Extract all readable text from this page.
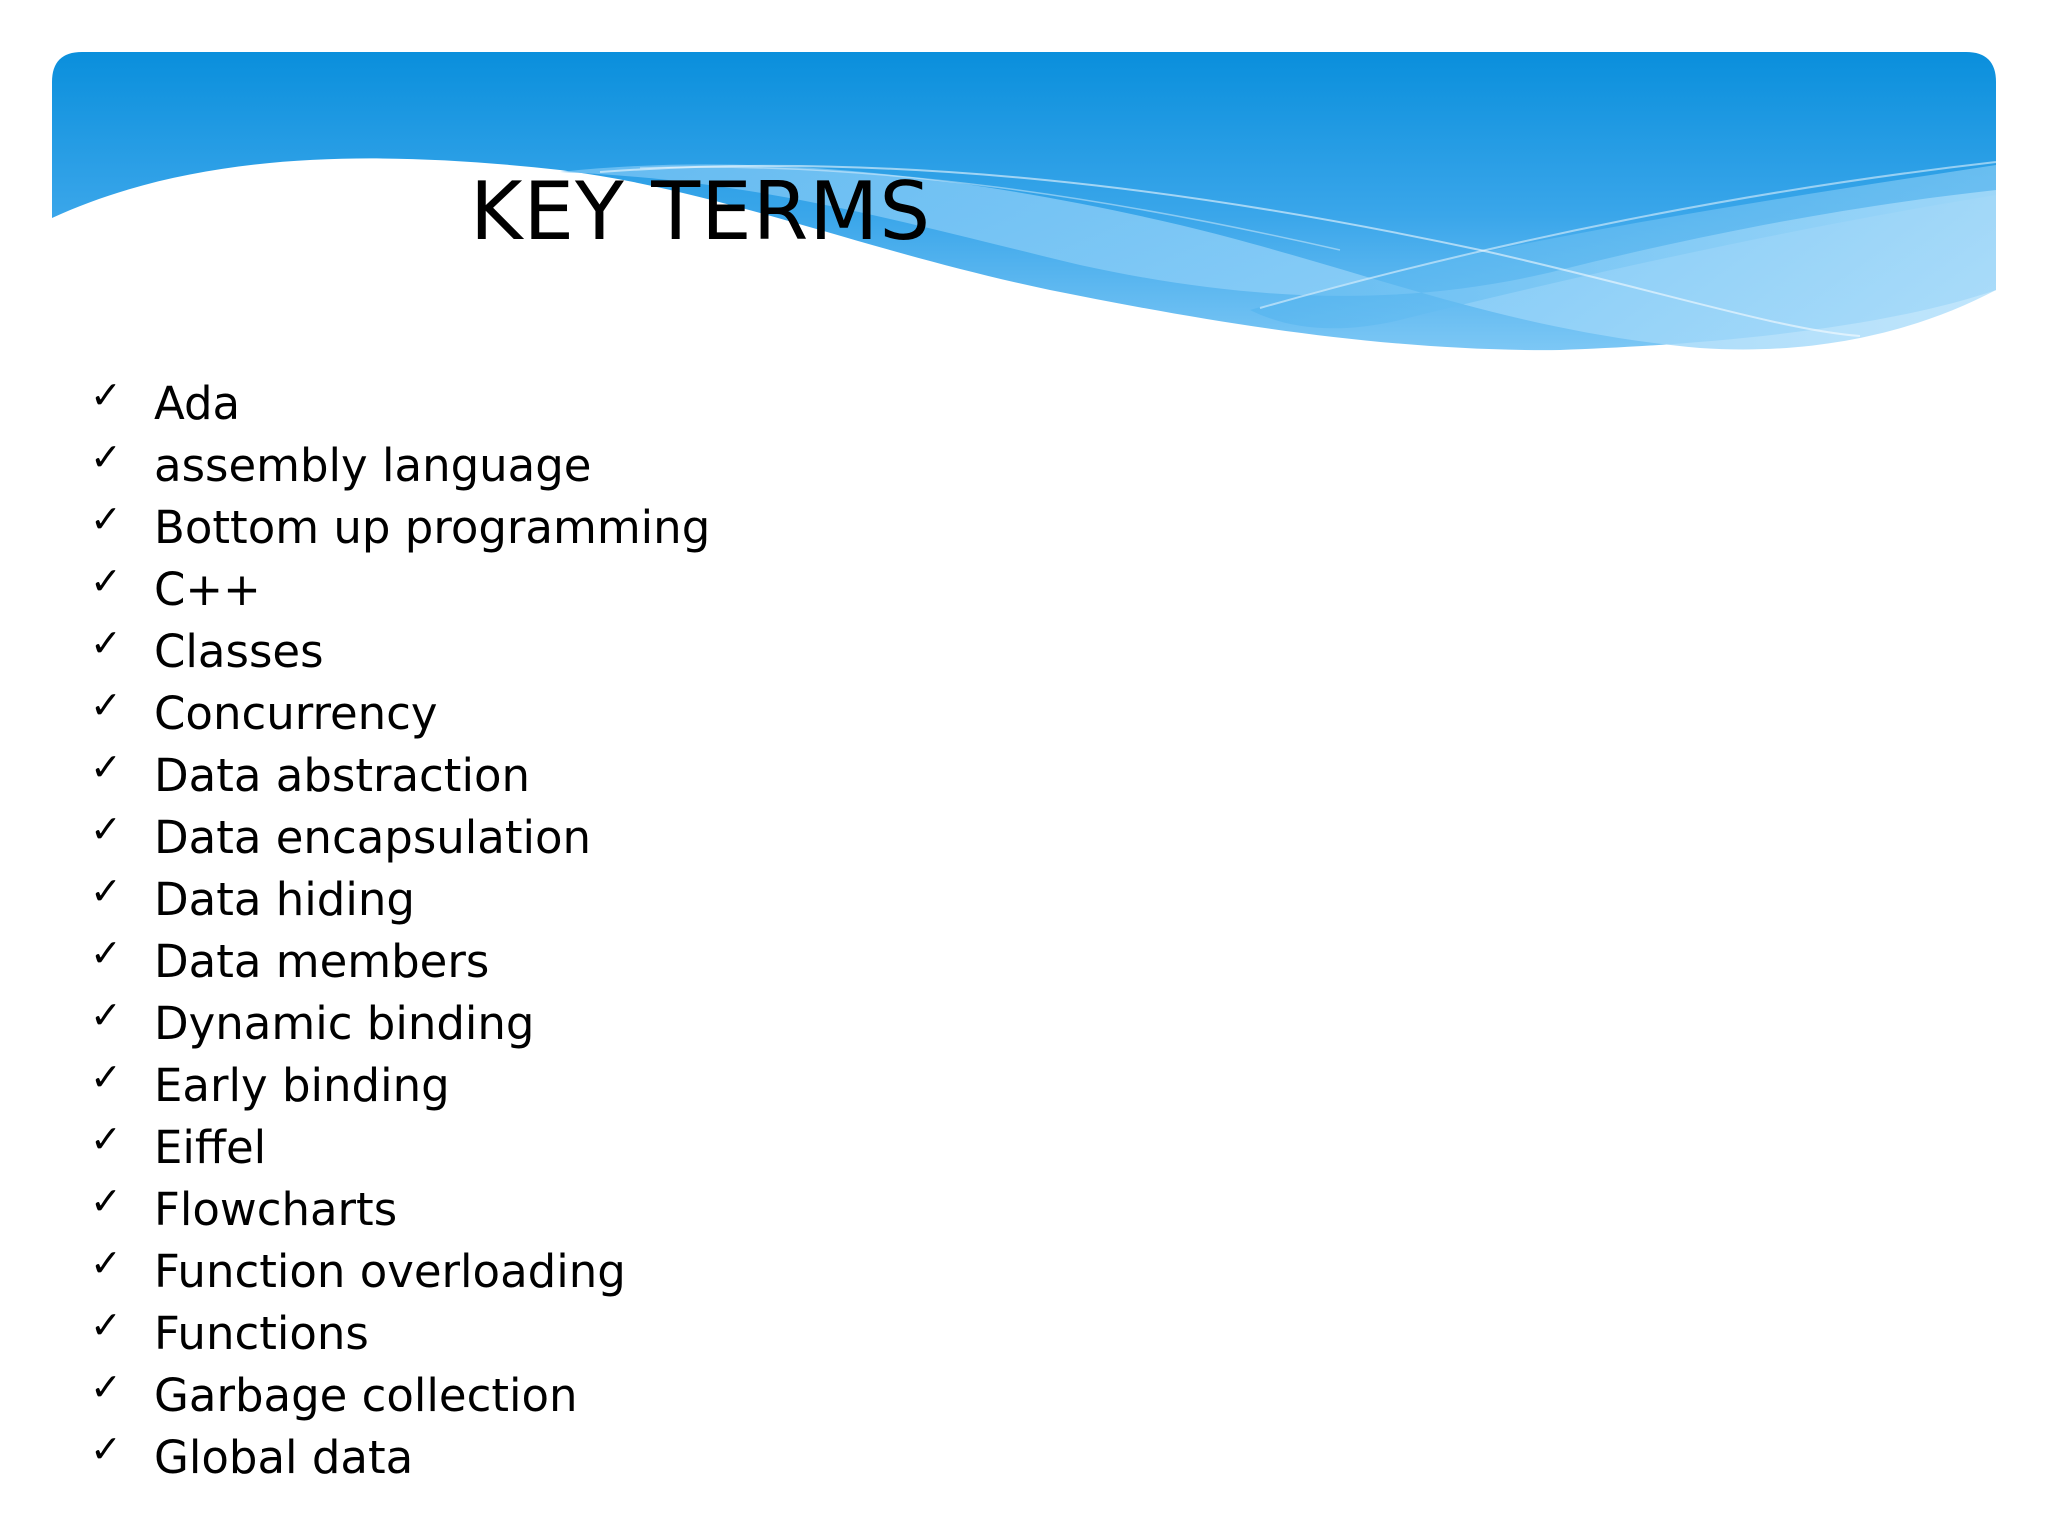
KEY TERMS
✓ Ada
✓ assembly language
✓ Bottom up programming
✓ C++
✓ Classes
✓ Concurrency
✓ Data abstraction
✓ Data encapsulation
✓ Data hiding
✓ Data members
✓ Dynamic binding
✓ Early binding
✓ Eiffel
✓ Flowcharts
✓ Function overloading
✓ Functions
✓ Garbage collection
✓ Global data
